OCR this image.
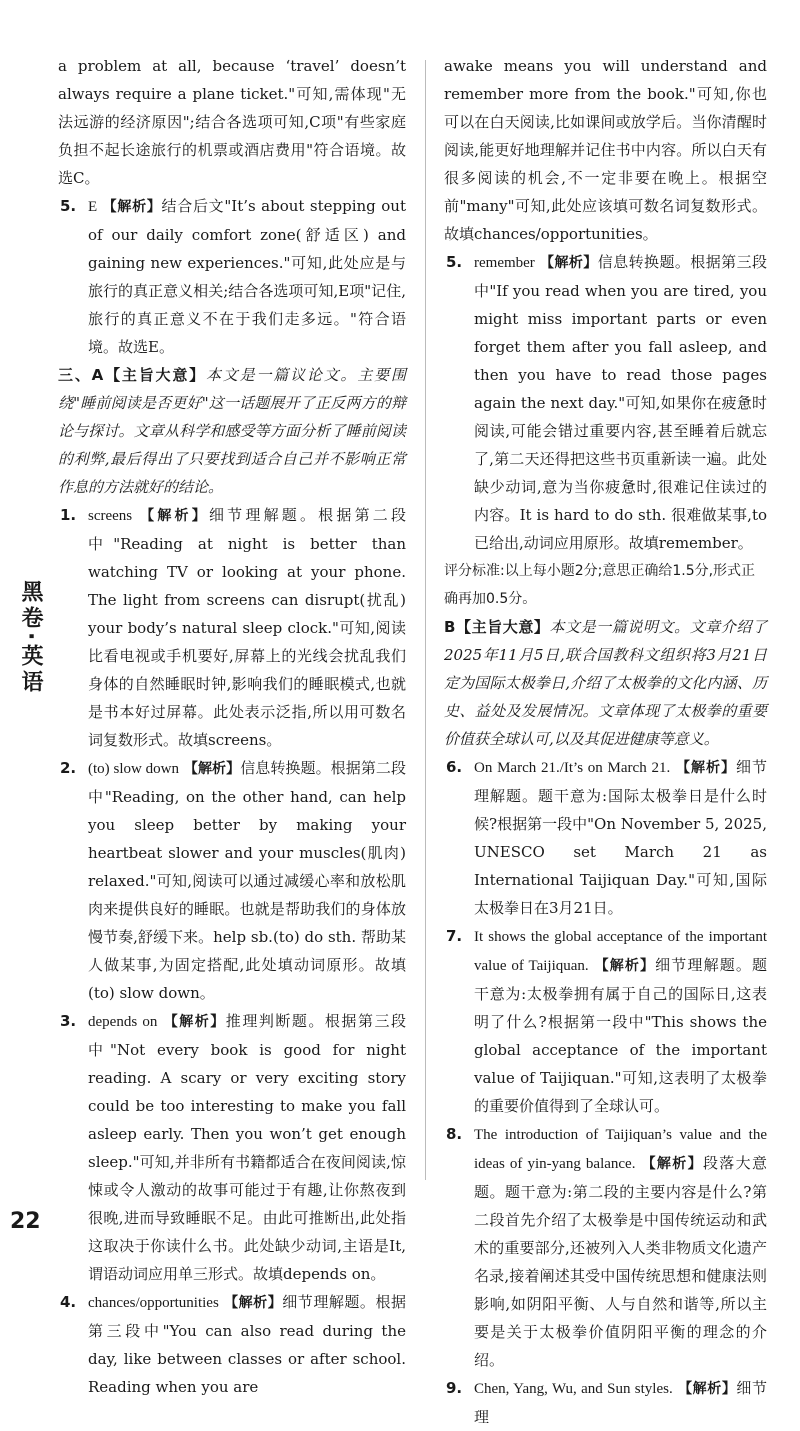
黑卷·英语
22

a problem at all, because ‘travel’ doesn’t always require a plane ticket."可知,需体现"无法远游的经济原因";结合各选项可知,C项"有些家庭负担不起长途旅行的机票或酒店费用"符合语境。故选C。

5. E 【解析】结合后文"It’s about stepping out of our daily comfort zone(舒适区) and gaining new experiences."可知,此处应是与旅行的真正意义相关;结合各选项可知,E项"记住,旅行的真正意义不在于我们走多远。"符合语境。故选E。

三、A【主旨大意】本文是一篇议论文。主要围绕"睡前阅读是否更好"这一话题展开了正反两方的辩论与探讨。文章从科学和感受等方面分析了睡前阅读的利弊,最后得出了只要找到适合自己并不影响正常作息的方法就好的结论。

1. screens 【解析】细节理解题。根据第二段中"Reading at night is better than watching TV or looking at your phone. The light from screens can disrupt(扰乱) your body’s natural sleep clock."可知,阅读比看电视或手机要好,屏幕上的光线会扰乱我们身体的自然睡眠时钟,影响我们的睡眠模式,也就是书本好过屏幕。此处表示泛指,所以用可数名词复数形式。故填screens。

2. (to) slow down 【解析】信息转换题。根据第二段中"Reading, on the other hand, can help you sleep better by making your heartbeat slower and your muscles(肌肉) relaxed."可知,阅读可以通过减缓心率和放松肌肉来提供良好的睡眠。也就是帮助我们的身体放慢节奏,舒缓下来。help sb.(to) do sth. 帮助某人做某事,为固定搭配,此处填动词原形。故填(to) slow down。

3. depends on 【解析】推理判断题。根据第三段中"Not every book is good for night reading. A scary or very exciting story could be too interesting to make you fall asleep early. Then you won’t get enough sleep."可知,并非所有书籍都适合在夜间阅读,惊悚或令人激动的故事可能过于有趣,让你熬夜到很晚,进而导致睡眠不足。由此可推断出,此处指这取决于你读什么书。此处缺少动词,主语是It,谓语动词应用单三形式。故填depends on。

4. chances/opportunities 【解析】细节理解题。根据第三段中"You can also read during the day, like between classes or after school. Reading when you are

awake means you will understand and remember more from the book."可知,你也可以在白天阅读,比如课间或放学后。当你清醒时阅读,能更好地理解并记住书中内容。所以白天有很多阅读的机会,不一定非要在晚上。根据空前"many"可知,此处应该填可数名词复数形式。故填chances/opportunities。

5. remember 【解析】信息转换题。根据第三段中"If you read when you are tired, you might miss important parts or even forget them after you fall asleep, and then you have to read those pages again the next day."可知,如果你在疲惫时阅读,可能会错过重要内容,甚至睡着后就忘了,第二天还得把这些书页重新读一遍。此处缺少动词,意为当你疲惫时,很难记住读过的内容。It is hard to do sth. 很难做某事,to已给出,动词应用原形。故填remember。

评分标准:以上每小题2分;意思正确给1.5分,形式正确再加0.5分。

B【主旨大意】本文是一篇说明文。文章介绍了2025年11月5日,联合国教科文组织将3月21日定为国际太极拳日,介绍了太极拳的文化内涵、历史、益处及发展情况。文章体现了太极拳的重要价值获全球认可,以及其促进健康等意义。

6. On March 21./It’s on March 21. 【解析】细节理解题。题干意为:国际太极拳日是什么时候?根据第一段中"On November 5, 2025, UNESCO set March 21 as International Taijiquan Day."可知,国际太极拳日在3月21日。

7. It shows the global acceptance of the important value of Taijiquan. 【解析】细节理解题。题干意为:太极拳拥有属于自己的国际日,这表明了什么?根据第一段中"This shows the global acceptance of the important value of Taijiquan."可知,这表明了太极拳的重要价值得到了全球认可。

8. The introduction of Taijiquan’s value and the ideas of yin-yang balance. 【解析】段落大意题。题干意为:第二段的主要内容是什么?第二段首先介绍了太极拳是中国传统运动和武术的重要部分,还被列入人类非物质文化遗产名录,接着阐述其受中国传统思想和健康法则影响,如阴阳平衡、人与自然和谐等,所以主要是关于太极拳价值阴阳平衡的理念的介绍。

9. Chen, Yang, Wu, and Sun styles. 【解析】细节理
